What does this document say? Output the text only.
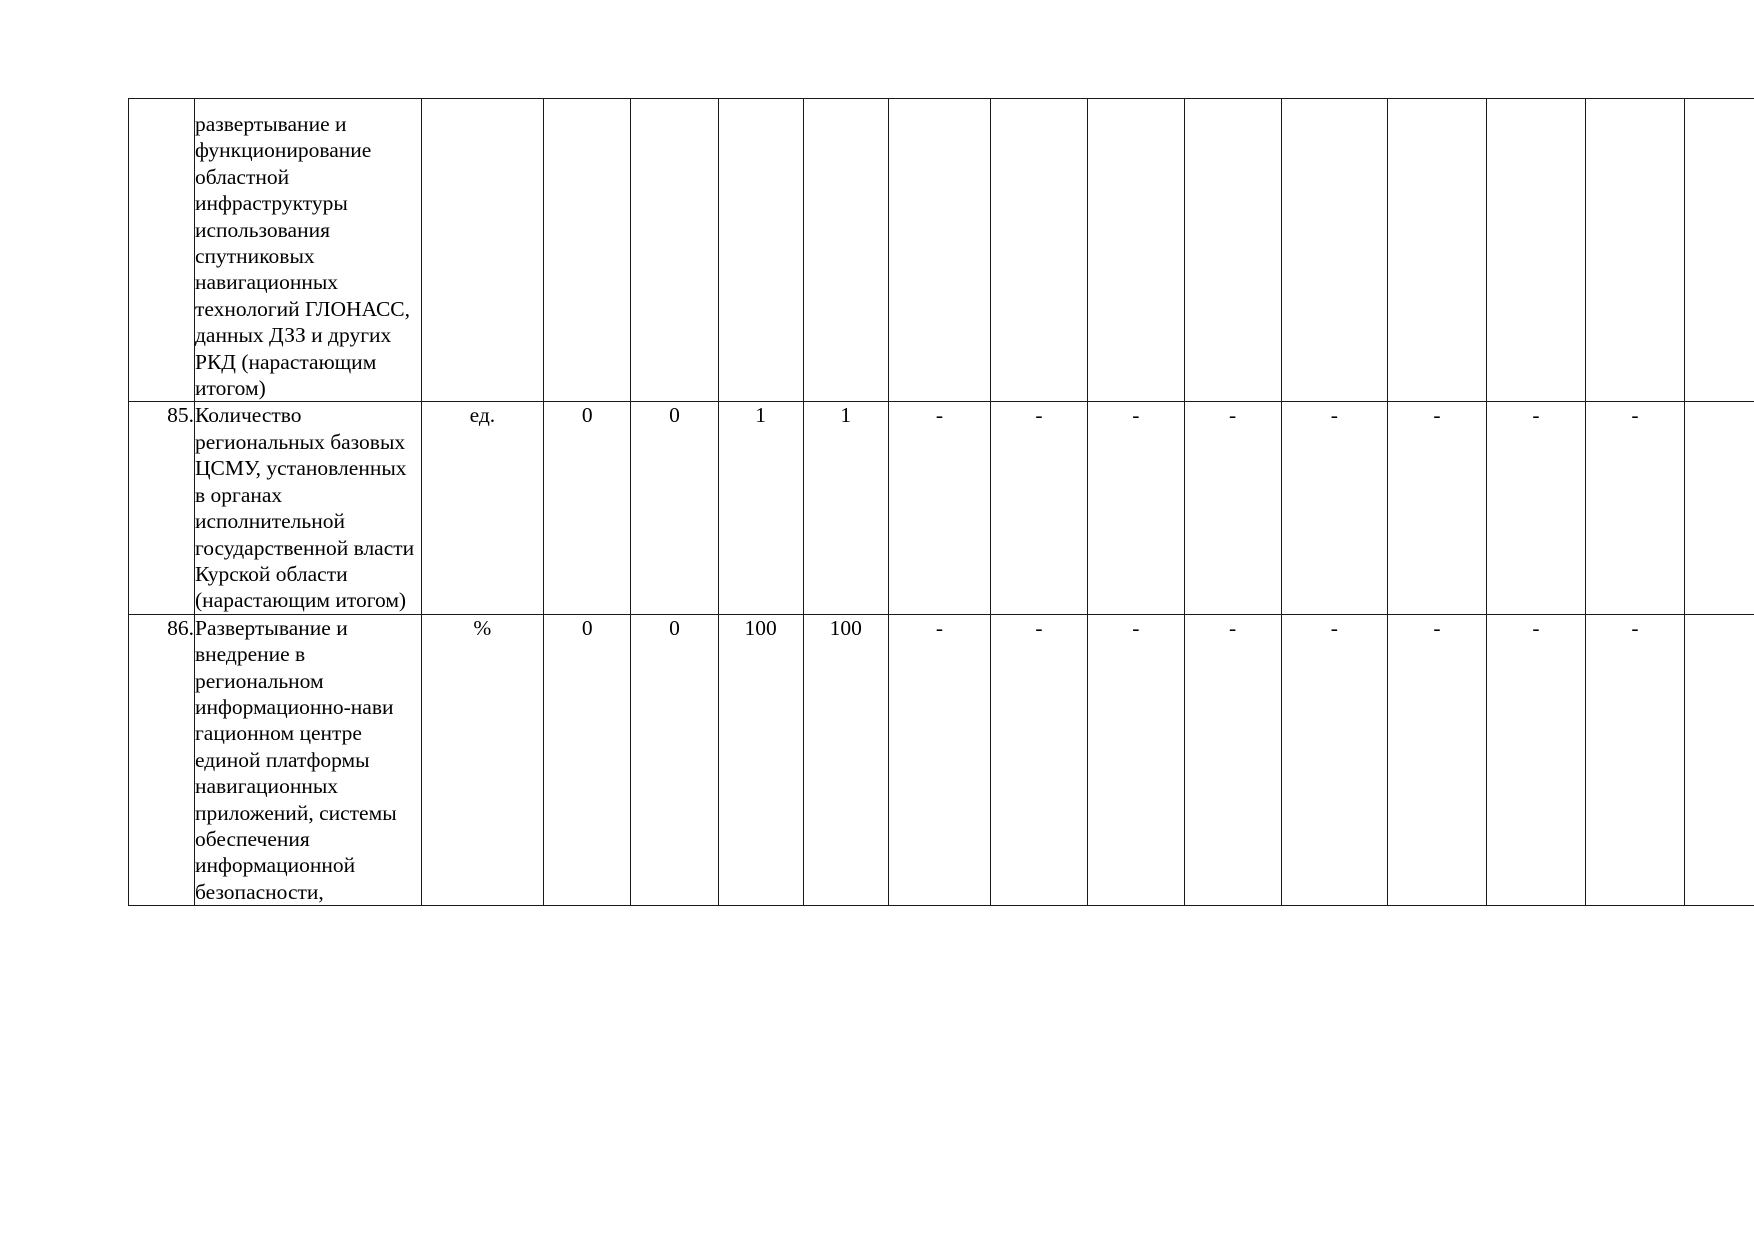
	развертывание и функционирование областной инфраструктуры использования спутниковых навигационных технологий ГЛОНАСС, данных ДЗЗ и других РКД (нарастающим итогом)														
85.	Количество региональных базовых ЦСМУ, установленных в органах исполнительной государственной власти Курской области (нарастающим итогом)	ед.	0	0	1	1	-	-	-	-	-	-	-	-	
86.	Развертывание и внедрение в региональном информационно-нави гационном центре единой платформы навигационных приложений, системы обеспечения информационной безопасности,	%	0	0	100	100	-	-	-	-	-	-	-	-	
